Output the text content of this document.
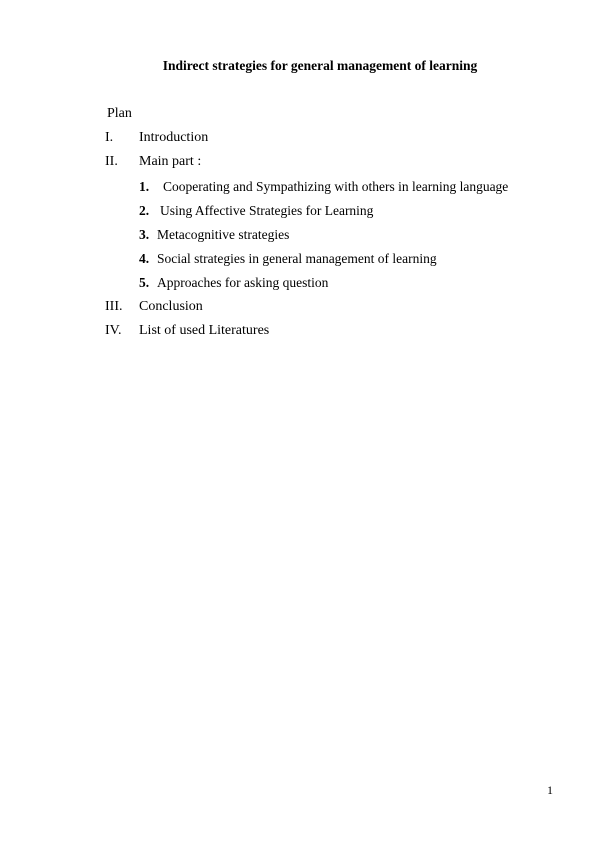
Indirect strategies for general management of learning
Plan
I. Introduction
II. Main part :
1. Cooperating and Sympathizing with others in learning language
2. Using Affective Strategies for Learning
3. Metacognitive strategies
4. Social strategies in general management of learning
5. Approaches for asking question
III. Conclusion
IV. List of used Literatures
1
